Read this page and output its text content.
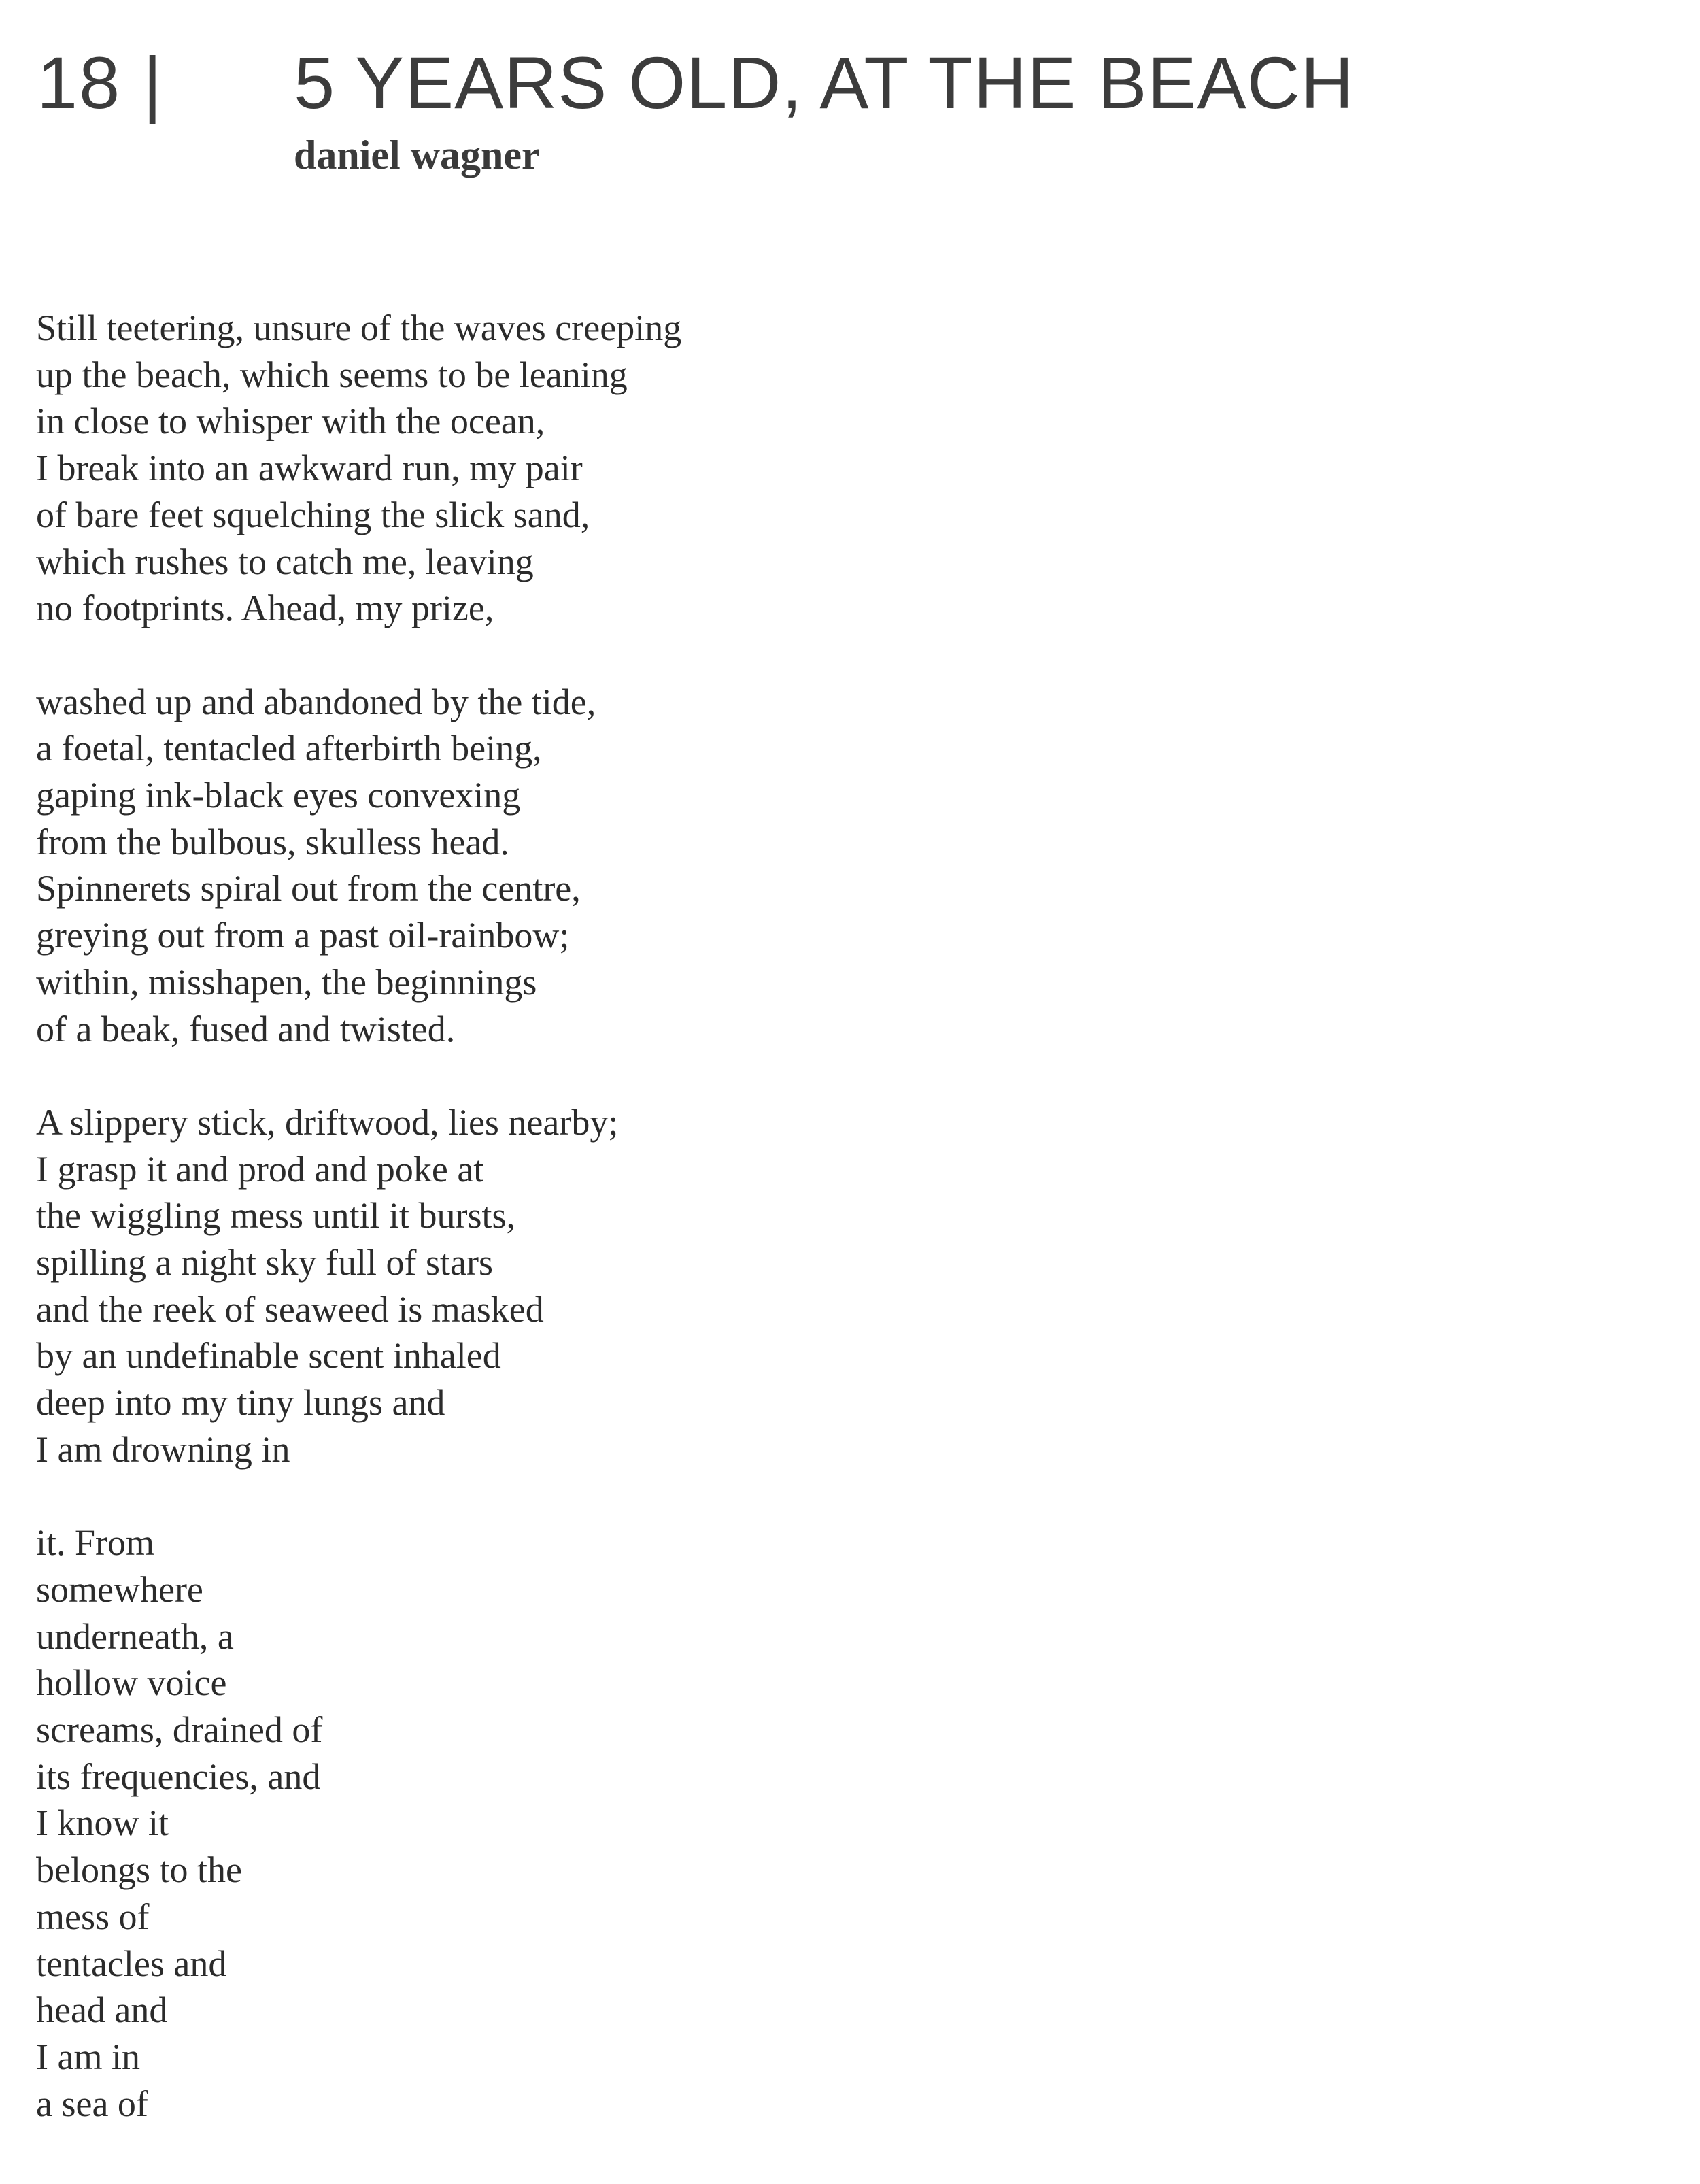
18 | 5 YEARS OLD, AT THE BEACH
daniel wagner
Still teetering, unsure of the waves creeping
up the beach, which seems to be leaning
in close to whisper with the ocean,
I break into an awkward run, my pair
of bare feet squelching the slick sand,
which rushes to catch me, leaving
no footprints. Ahead, my prize,
washed up and abandoned by the tide,
a foetal, tentacled afterbirth being,
gaping ink-black eyes convexing
from the bulbous, skulless head.
Spinnerets spiral out from the centre,
greying out from a past oil-rainbow;
within, misshapen, the beginnings
of a beak, fused and twisted.
A slippery stick, driftwood, lies nearby;
I grasp it and prod and poke at
the wiggling mess until it bursts,
spilling a night sky full of stars
and the reek of seaweed is masked
by an undefinable scent inhaled
deep into my tiny lungs and
I am drowning in
it. From
somewhere
underneath, a
hollow voice
screams, drained of
its frequencies, and
I know it
belongs to the
mess of
tentacles and
head and
I am in
a sea of
